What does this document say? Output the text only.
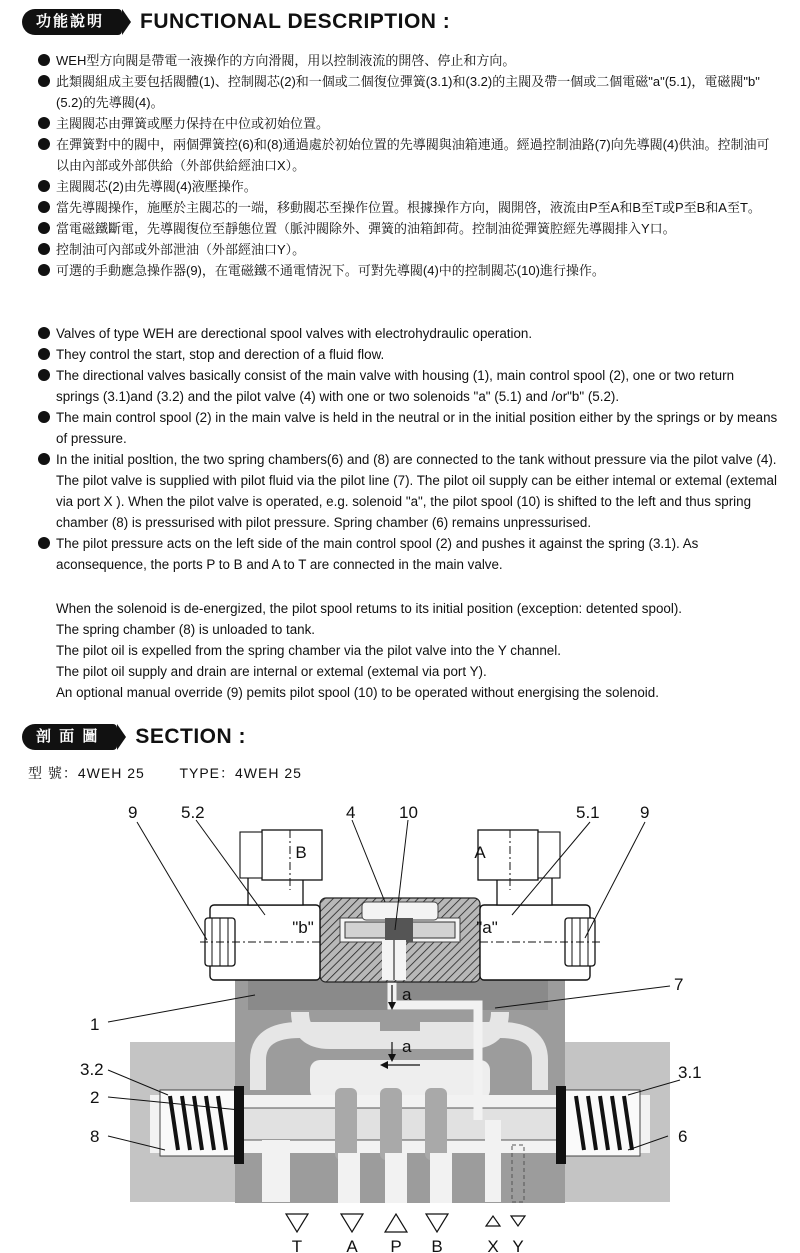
功能說明	FUNCTIONAL DESCRIPTION :
WEH型方向閥是帶電一液操作的方向滑閥，用以控制液流的開啓、停止和方向。
此類閥組成主要包括閥體(1)、控制閥芯(2)和一個或二個復位彈簧(3.1)和(3.2)的主閥及帶一個或二個電磁"a"(5.1)，電磁閥"b"(5.2)的先導閥(4)。
主閥閥芯由彈簧或壓力保持在中位或初始位置。
在彈簧對中的閥中，兩個彈簧控(6)和(8)通過處於初始位置的先導閥與油箱連通。經過控制油路(7)向先導閥(4)供油。控制油可以由內部或外部供給（外部供給經油口X）。
主閥閥芯(2)由先導閥(4)液壓操作。
當先導閥操作，施壓於主閥芯的一端，移動閥芯至操作位置。根據操作方向，閥開啓，液流由P至A和B至T或P至B和A至T。
當電磁鐵斷電，先導閥復位至靜態位置（脈沖閥除外、彈簧的油箱卸荷。控制油從彈簧腔經先導閥排入Y口。
控制油可內部或外部泄油（外部經油口Y）。
可選的手動應急操作器(9)，在電磁鐵不通電情況下。可對先導閥(4)中的控制閥芯(10)進行操作。
Valves of type WEH are derectional spool valves with electrohydraulic operation.
They control the start, stop and derection of a fluid flow.
The directional valves basically consist of the main valve with housing (1), main control spool (2), one or two return springs (3.1)and (3.2) and the pilot valve (4) with one or two solenoids "a" (5.1) and /or"b" (5.2).
The main control spool (2) in the main valve is held in the neutral or in the initial position either by the springs or by means of pressure.
In the initial posltion, the two spring chambers(6) and (8) are connected to the tank without pressure via the pilot valve (4). The pilot valve is supplied with pilot fluid via the pilot line (7). The pilot oil supply can be either intemal or extemal (extemal via port X ). When the pilot valve is operated, e.g. solenoid "a", the pilot spool (10) is shifted to the left and thus spring chamber (8) is pressurised with pilot pressure. Spring chamber (6) remains unpressurised.
The pilot pressure acts on the left side of the main control spool (2) and pushes it against the spring (3.1). As aconsequence, the ports P to B and A to T are connected in the main valve.
When the solenoid is de-energized, the pilot spool retums to its initial position (exception: detented spool).
The spring chamber (8) is unloaded to tank.
The pilot oil is expelled from the spring chamber via the pilot valve into the Y channel.
The pilot oil supply and drain are internal or extemal (extemal via port Y).
An optional manual override (9) pemits pilot spool (10) to be operated without energising the solenoid.
剖 面 圖	SECTION :
型 號：4WEH 25 TYPE：4WEH 25
B
"b"
A
"a"
a
a
9	5.2	4	10	5.1 9
7
1
3.2	3.1
2
8	6
T	A P B	X Y
